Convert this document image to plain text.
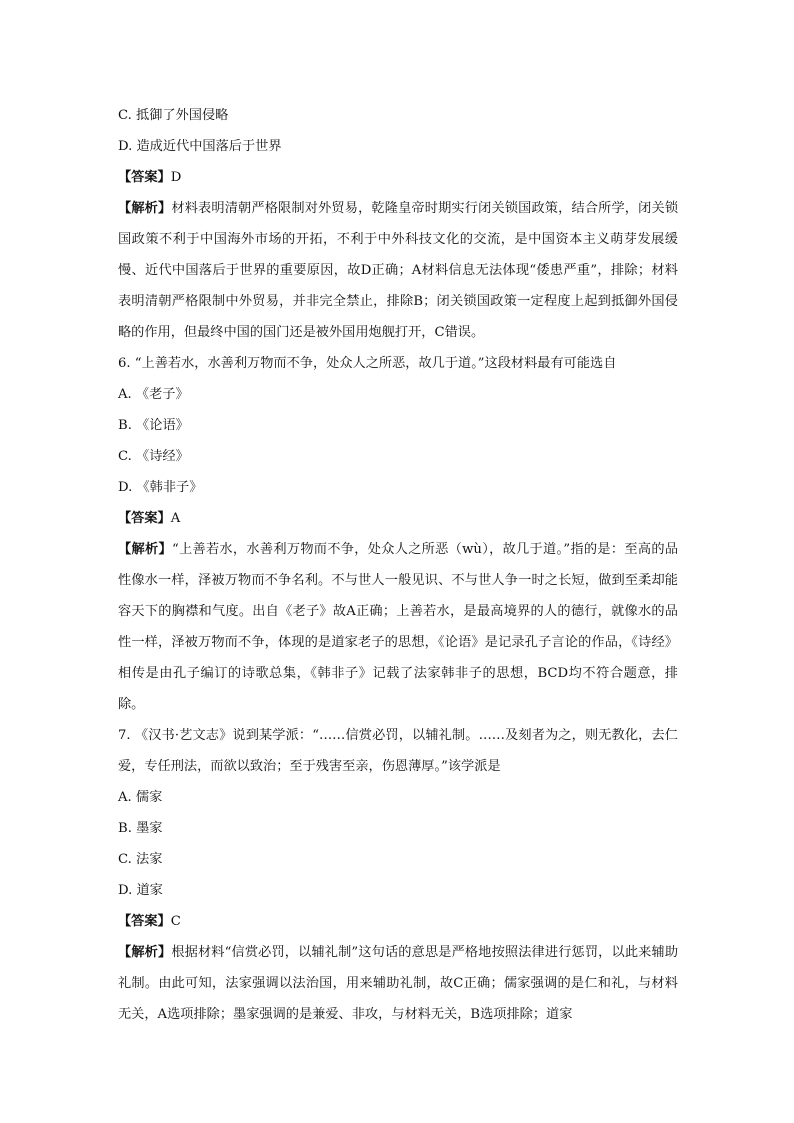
C. 抵御了外国侵略
D. 造成近代中国落后于世界
【答案】D
【解析】材料表明清朝严格限制对外贸易，乾隆皇帝时期实行闭关锁国政策，结合所学，闭关锁国政策不利于中国海外市场的开拓，不利于中外科技文化的交流，是中国资本主义萌芽发展缓慢、近代中国落后于世界的重要原因，故D正确；A材料信息无法体现“倭患严重”，排除；材料表明清朝严格限制中外贸易，并非完全禁止，排除B；闭关锁国政策一定程度上起到抵御外国侵略的作用，但最终中国的国门还是被外国用炮舰打开，C错误。
6. “上善若水，水善利万物而不争，处众人之所恶，故几于道。”这段材料最有可能选自
A. 《老子》
B. 《论语》
C. 《诗经》
D. 《韩非子》
【答案】A
【解析】“上善若水，水善利万物而不争，处众人之所恶（wù），故几于道。”指的是：至高的品性像水一样，泽被万物而不争名利。不与世人一般见识、不与世人争一时之长短，做到至柔却能容天下的胸襟和气度。出自《老子》故A正确；上善若水，是最高境界的人的德行，就像水的品性一样，泽被万物而不争，体现的是道家老子的思想，《论语》是记录孔子言论的作品，《诗经》相传是由孔子编订的诗歌总集，《韩非子》记载了法家韩非子的思想，BCD均不符合题意，排除。
7. 《汉书·艺文志》说到某学派：“……信赏必罚，以辅礼制。……及刻者为之，则无教化，去仁爱，专任刑法，而欲以致治；至于残害至亲，伤恩薄厚。”该学派是
A. 儒家
B. 墨家
C. 法家
D. 道家
【答案】C
【解析】根据材料“信赏必罚，以辅礼制”这句话的意思是严格地按照法律进行惩罚，以此来辅助礼制。由此可知，法家强调以法治国，用来辅助礼制，故C正确；儒家强调的是仁和礼，与材料无关，A选项排除；墨家强调的是兼爱、非攻，与材料无关，B选项排除；道家
